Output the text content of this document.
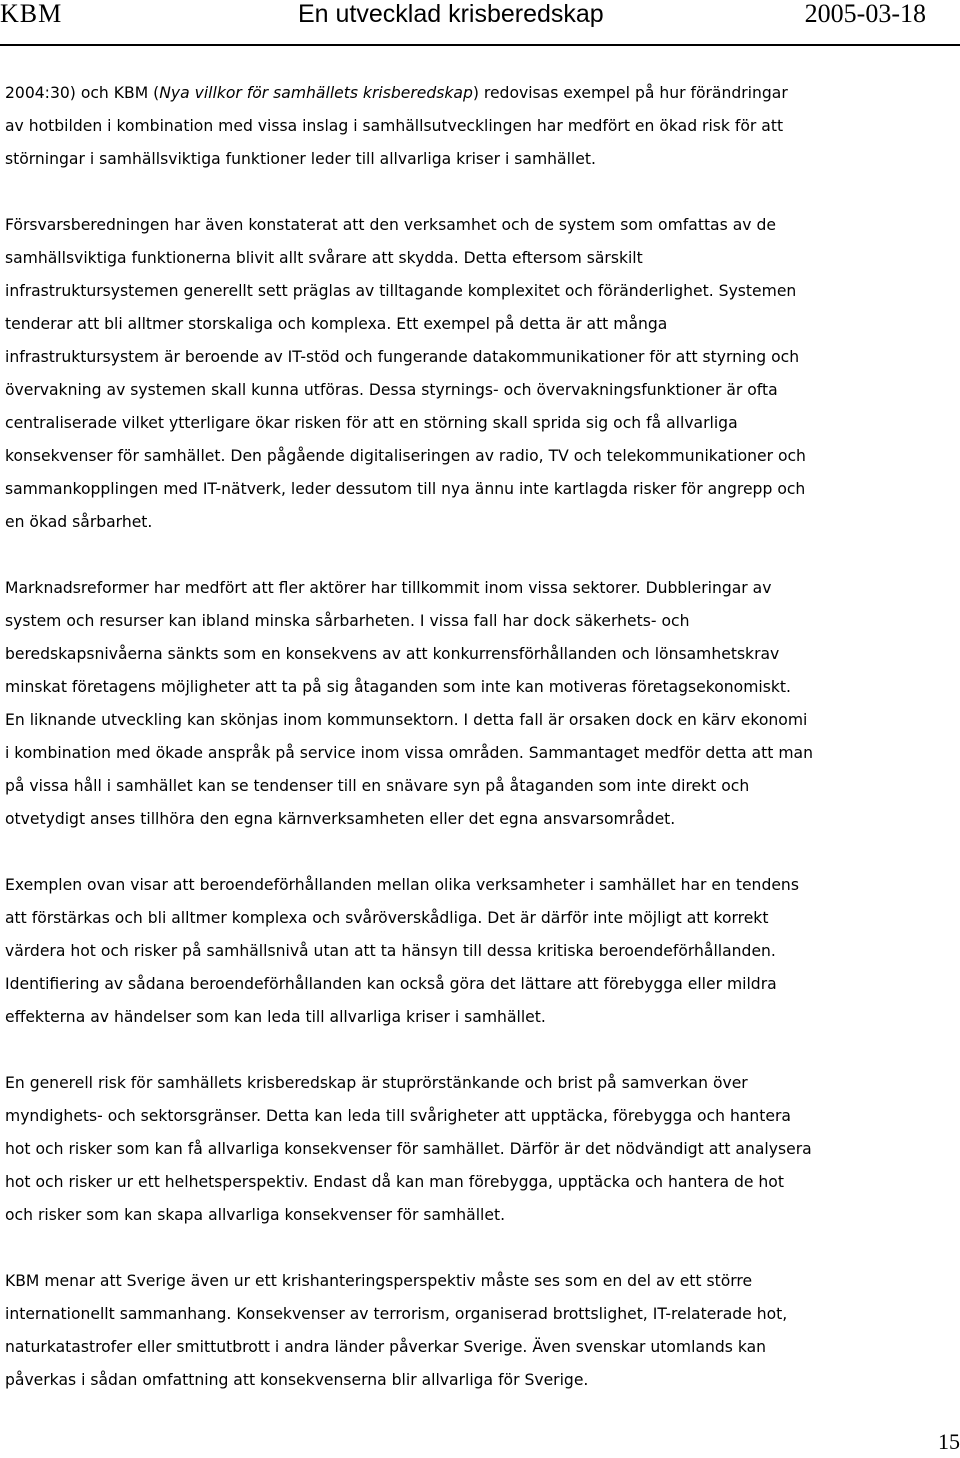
KBM	En utvecklad krisberedskap	2005-03-18

2004:30) och KBM (Nya villkor för samhällets krisberedskap) redovisas exempel på hur förändringar
av hotbilden i kombination med vissa inslag i samhällsutvecklingen har medfört en ökad risk för att
störningar i samhällsviktiga funktioner leder till allvarliga kriser i samhället.

Försvarsberedningen har även konstaterat att den verksamhet och de system som omfattas av de
samhällsviktiga funktionerna blivit allt svårare att skydda. Detta eftersom särskilt
infrastruktursystemen generellt sett präglas av tilltagande komplexitet och föränderlighet. Systemen
tenderar att bli alltmer storskaliga och komplexa. Ett exempel på detta är att många
infrastruktursystem är beroende av IT-stöd och fungerande datakommunikationer för att styrning och
övervakning av systemen skall kunna utföras. Dessa styrnings- och övervakningsfunktioner är ofta
centraliserade vilket ytterligare ökar risken för att en störning skall sprida sig och få allvarliga
konsekvenser för samhället. Den pågående digitaliseringen av radio, TV och telekommunikationer och
sammankopplingen med IT-nätverk, leder dessutom till nya ännu inte kartlagda risker för angrepp och
en ökad sårbarhet.

Marknadsreformer har medfört att fler aktörer har tillkommit inom vissa sektorer. Dubbleringar av
system och resurser kan ibland minska sårbarheten. I vissa fall har dock säkerhets- och
beredskapsnivåerna sänkts som en konsekvens av att konkurrensförhållanden och lönsamhetskrav
minskat företagens möjligheter att ta på sig åtaganden som inte kan motiveras företagsekonomiskt.
En liknande utveckling kan skönjas inom kommunsektorn. I detta fall är orsaken dock en kärv ekonomi
i kombination med ökade anspråk på service inom vissa områden. Sammantaget medför detta att man
på vissa håll i samhället kan se tendenser till en snävare syn på åtaganden som inte direkt och
otvetydigt anses tillhöra den egna kärnverksamheten eller det egna ansvarsområdet.

Exemplen ovan visar att beroendeförhållanden mellan olika verksamheter i samhället har en tendens
att förstärkas och bli alltmer komplexa och svåröverskådliga. Det är därför inte möjligt att korrekt
värdera hot och risker på samhällsnivå utan att ta hänsyn till dessa kritiska beroendeförhållanden.
Identifiering av sådana beroendeförhållanden kan också göra det lättare att förebygga eller mildra
effekterna av händelser som kan leda till allvarliga kriser i samhället.

En generell risk för samhällets krisberedskap är stuprörstänkande och brist på samverkan över
myndighets- och sektorsgränser. Detta kan leda till svårigheter att upptäcka, förebygga och hantera
hot och risker som kan få allvarliga konsekvenser för samhället. Därför är det nödvändigt att analysera
hot och risker ur ett helhetsperspektiv. Endast då kan man förebygga, upptäcka och hantera de hot
och risker som kan skapa allvarliga konsekvenser för samhället.

KBM menar att Sverige även ur ett krishanteringsperspektiv måste ses som en del av ett större
internationellt sammanhang. Konsekvenser av terrorism, organiserad brottslighet, IT-relaterade hot,
naturkatastrofer eller smittutbrott i andra länder påverkar Sverige. Även svenskar utomlands kan
påverkas i sådan omfattning att konsekvenserna blir allvarliga för Sverige.

15
